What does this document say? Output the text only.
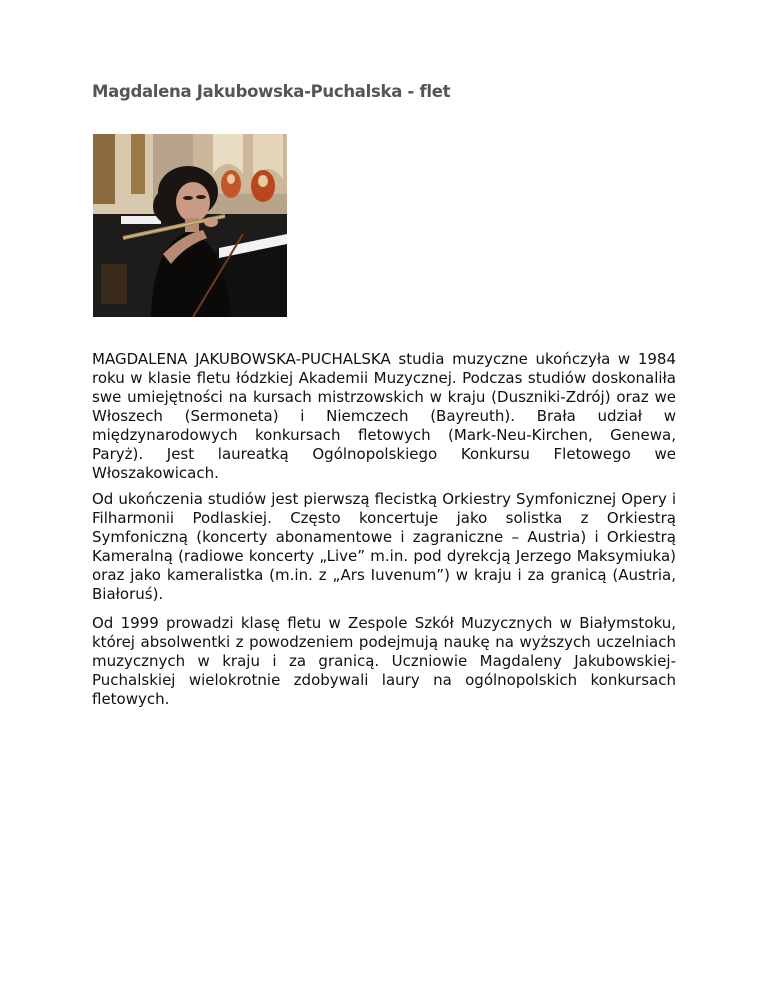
Magdalena Jakubowska-Puchalska - flet

MAGDALENA JAKUBOWSKA-PUCHALSKA studia muzyczne ukończyła w 1984 roku w klasie fletu łódzkiej Akademii Muzycznej. Podczas studiów doskonaliła swe umiejętności na kursach mistrzowskich w kraju (Duszniki-Zdrój) oraz we Włoszech (Sermoneta) i Niemczech (Bayreuth). Brała udział w międzynarodowych konkursach fletowych (Mark-Neu-Kirchen, Genewa, Paryż). Jest laureatką Ogólnopolskiego Konkursu Fletowego we Włoszakowicach.

Od ukończenia studiów jest pierwszą flecistką Orkiestry Symfonicznej Opery i Filharmonii Podlaskiej. Często koncertuje jako solistka z Orkiestrą Symfoniczną (koncerty abonamentowe i zagraniczne – Austria) i Orkiestrą Kameralną (radiowe koncerty „Live” m.in. pod dyrekcją Jerzego Maksymiuka) oraz jako kameralistka (m.in. z „Ars Iuvenum”) w kraju i za granicą (Austria, Białoruś).

Od 1999 prowadzi klasę fletu w Zespole Szkół Muzycznych w Białymstoku, której absolwentki z powodzeniem podejmują naukę na wyższych uczelniach muzycznych w kraju i za granicą. Uczniowie Magdaleny Jakubowskiej-Puchalskiej wielokrotnie zdobywali laury na ogólnopolskich konkursach fletowych.
